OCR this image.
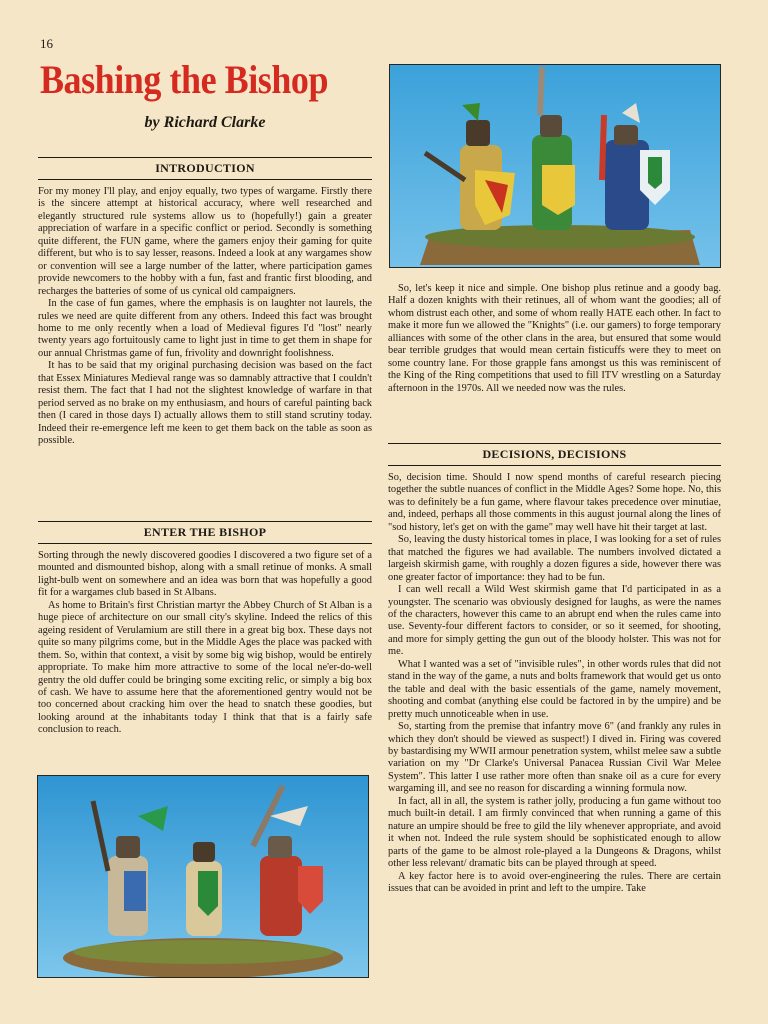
16
Bashing the Bishop
by Richard Clarke
INTRODUCTION

For my money I'll play, and enjoy equally, two types of wargame. Firstly there is the sincere attempt at historical accuracy, where well researched and elegantly structured rule systems allow us to (hopefully!) gain a greater appreciation of warfare in a specific conflict or period. Secondly is something quite different, the FUN game, where the gamers enjoy their gaming for quite different, but who is to say lesser, reasons. Indeed a look at any wargames show or convention will see a large number of the latter, where participation games provide newcomers to the hobby with a fun, fast and frantic first blooding, and recharges the batteries of some of us cynical old campaigners.

In the case of fun games, where the emphasis is on laughter not laurels, the rules we need are quite different from any others. Indeed this fact was brought home to me only recently when a load of Medieval figures I'd "lost" nearly twenty years ago fortuitously came to light just in time to get them in shape for our annual Christmas game of fun, frivolity and downright foolishness.

It has to be said that my original purchasing decision was based on the fact that Essex Miniatures Medieval range was so damnably attractive that I couldn't resist them. The fact that I had not the slightest knowledge of warfare in that period served as no brake on my enthusiasm, and hours of careful painting back then (I cared in those days I) actually allows them to still stand scrutiny today. Indeed their re-emergence left me keen to get them back on the table as soon as possible.

ENTER THE BISHOP

Sorting through the newly discovered goodies I discovered a two figure set of a mounted and dismounted bishop, along with a small retinue of monks. A small light-bulb went on somewhere and an idea was born that was hopefully a good fit for a wargames club based in St Albans.

As home to Britain's first Christian martyr the Abbey Church of St Alban is a huge piece of architecture on our small city's skyline. Indeed the relics of this ageing resident of Verulamium are still there in a great big box. These days not quite so many pilgrims come, but in the Middle Ages the place was packed with them. So, within that context, a visit by some big wig bishop, would be entirely appropriate. To make him more attractive to some of the local ne'er-do-well gentry the old duffer could be bringing some exciting relic, or simply a big box of cash. We have to assume here that the aforementioned gentry would not be too concerned about cracking him over the head to snatch these goodies, but looking around at the inhabitants today I think that that is a fairly safe conclusion to reach.

So, let's keep it nice and simple. One bishop plus retinue and a goody bag. Half a dozen knights with their retinues, all of whom want the goodies; all of whom distrust each other, and some of whom really HATE each other. In fact to make it more fun we allowed the "Knights" (i.e. our gamers) to forge temporary alliances with some of the other clans in the area, but ensured that some would bear terrible grudges that would mean certain fisticuffs were they to meet on some country lane. For those grapple fans amongst us this was reminiscent of the King of the Ring competitions that used to fill ITV wrestling on a Saturday afternoon in the 1970s. All we needed now was the rules.

DECISIONS, DECISIONS

So, decision time. Should I now spend months of careful research piecing together the subtle nuances of conflict in the Middle Ages? Some hope. No, this was to definitely be a fun game, where flavour takes precedence over minutiae, and, indeed, perhaps all those comments in this august journal along the lines of "sod history, let's get on with the game" may well have hit their target at last.

So, leaving the dusty historical tomes in place, I was looking for a set of rules that matched the figures we had available. The numbers involved dictated a largeish skirmish game, with roughly a dozen figures a side, however there was one greater factor of importance: they had to be fun.

I can well recall a Wild West skirmish game that I'd participated in as a youngster. The scenario was obviously designed for laughs, as were the names of the characters, however this came to an abrupt end when the rules came into use. Seventy-four different factors to consider, or so it seemed, for shooting, and more for simply getting the gun out of the bloody holster. This was not for me.

What I wanted was a set of "invisible rules", in other words rules that did not stand in the way of the game, a nuts and bolts framework that would get us onto the table and deal with the basic essentials of the game, namely movement, shooting and combat (anything else could be factored in by the umpire) and be pretty much unnoticeable when in use.

So, starting from the premise that infantry move 6" (and frankly any rules in which they don't should be viewed as suspect!) I dived in. Firing was covered by bastardising my WWII armour penetration system, whilst melee saw a subtle variation on my "Dr Clarke's Universal Panacea Russian Civil War Melee System". This latter I use rather more often than snake oil as a cure for every wargaming ill, and see no reason for discarding a winning formula now.

In fact, all in all, the system is rather jolly, producing a fun game without too much built-in detail. I am firmly convinced that when running a game of this nature an umpire should be free to gild the lily whenever appropriate, and avoid it when not. Indeed the rule system should be sophisticated enough to allow parts of the game to be almost role-played a la Dungeons & Dragons, whilst other less relevant/ dramatic bits can be played through at speed.

A key factor here is to avoid over-engineering the rules. There are certain issues that can be avoided in print and left to the umpire. Take
